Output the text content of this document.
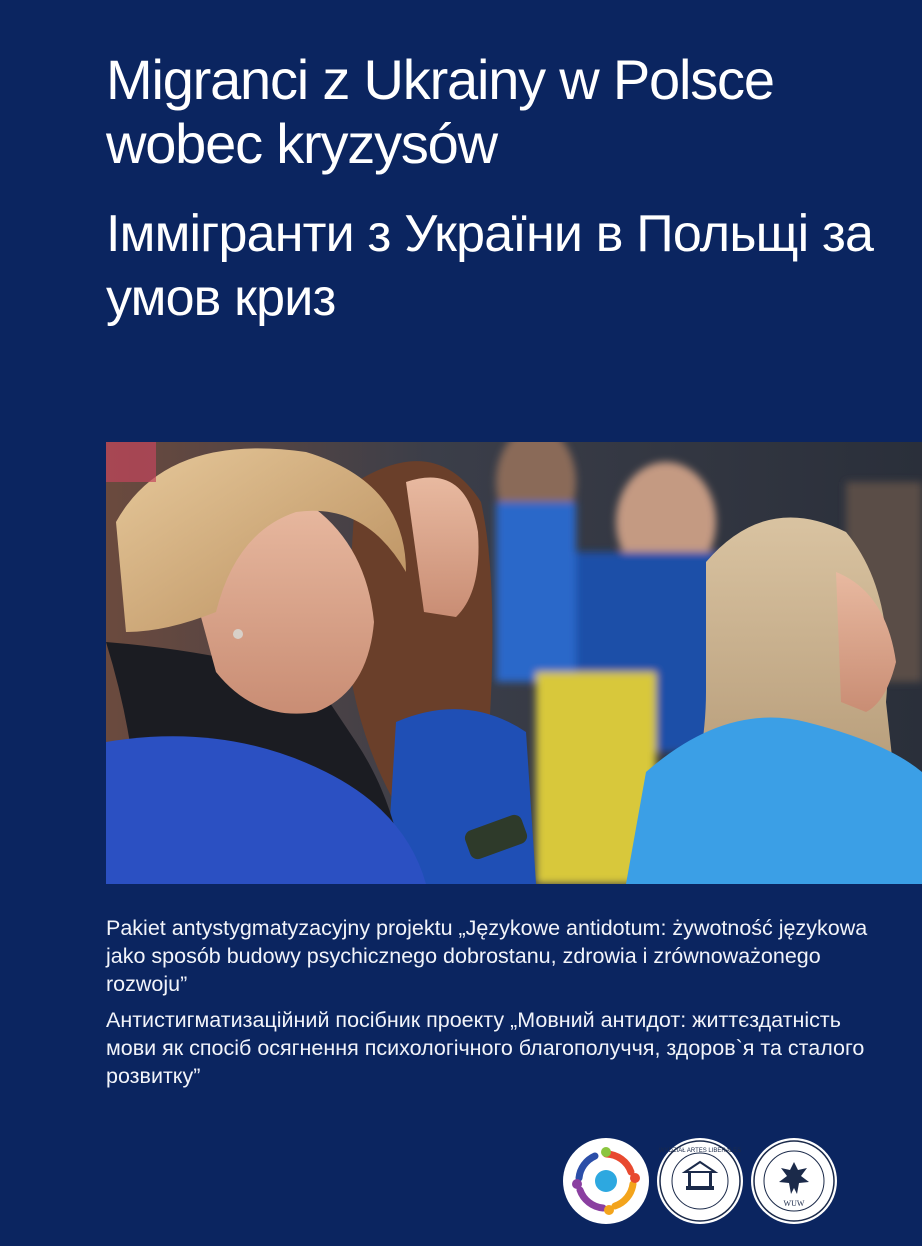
Migranci z Ukrainy w Polsce wobec kryzysów
Іммігранти з України в Польщі за умов криз

Pakiet antystygmatyzacyjny projektu „Językowe antidotum: żywotność językowa jako sposób budowy psychicznego dobrostanu, zdrowia i zrównoważonego rozwoju”

Антистигматизаційний посібник проекту „Мовний антидот: життєздатність мови як спосіб осягнення психологічного благополуччя, здоров`я та сталого розвитку”

WYDZIAŁ ARTES LIBERALES
WUW
